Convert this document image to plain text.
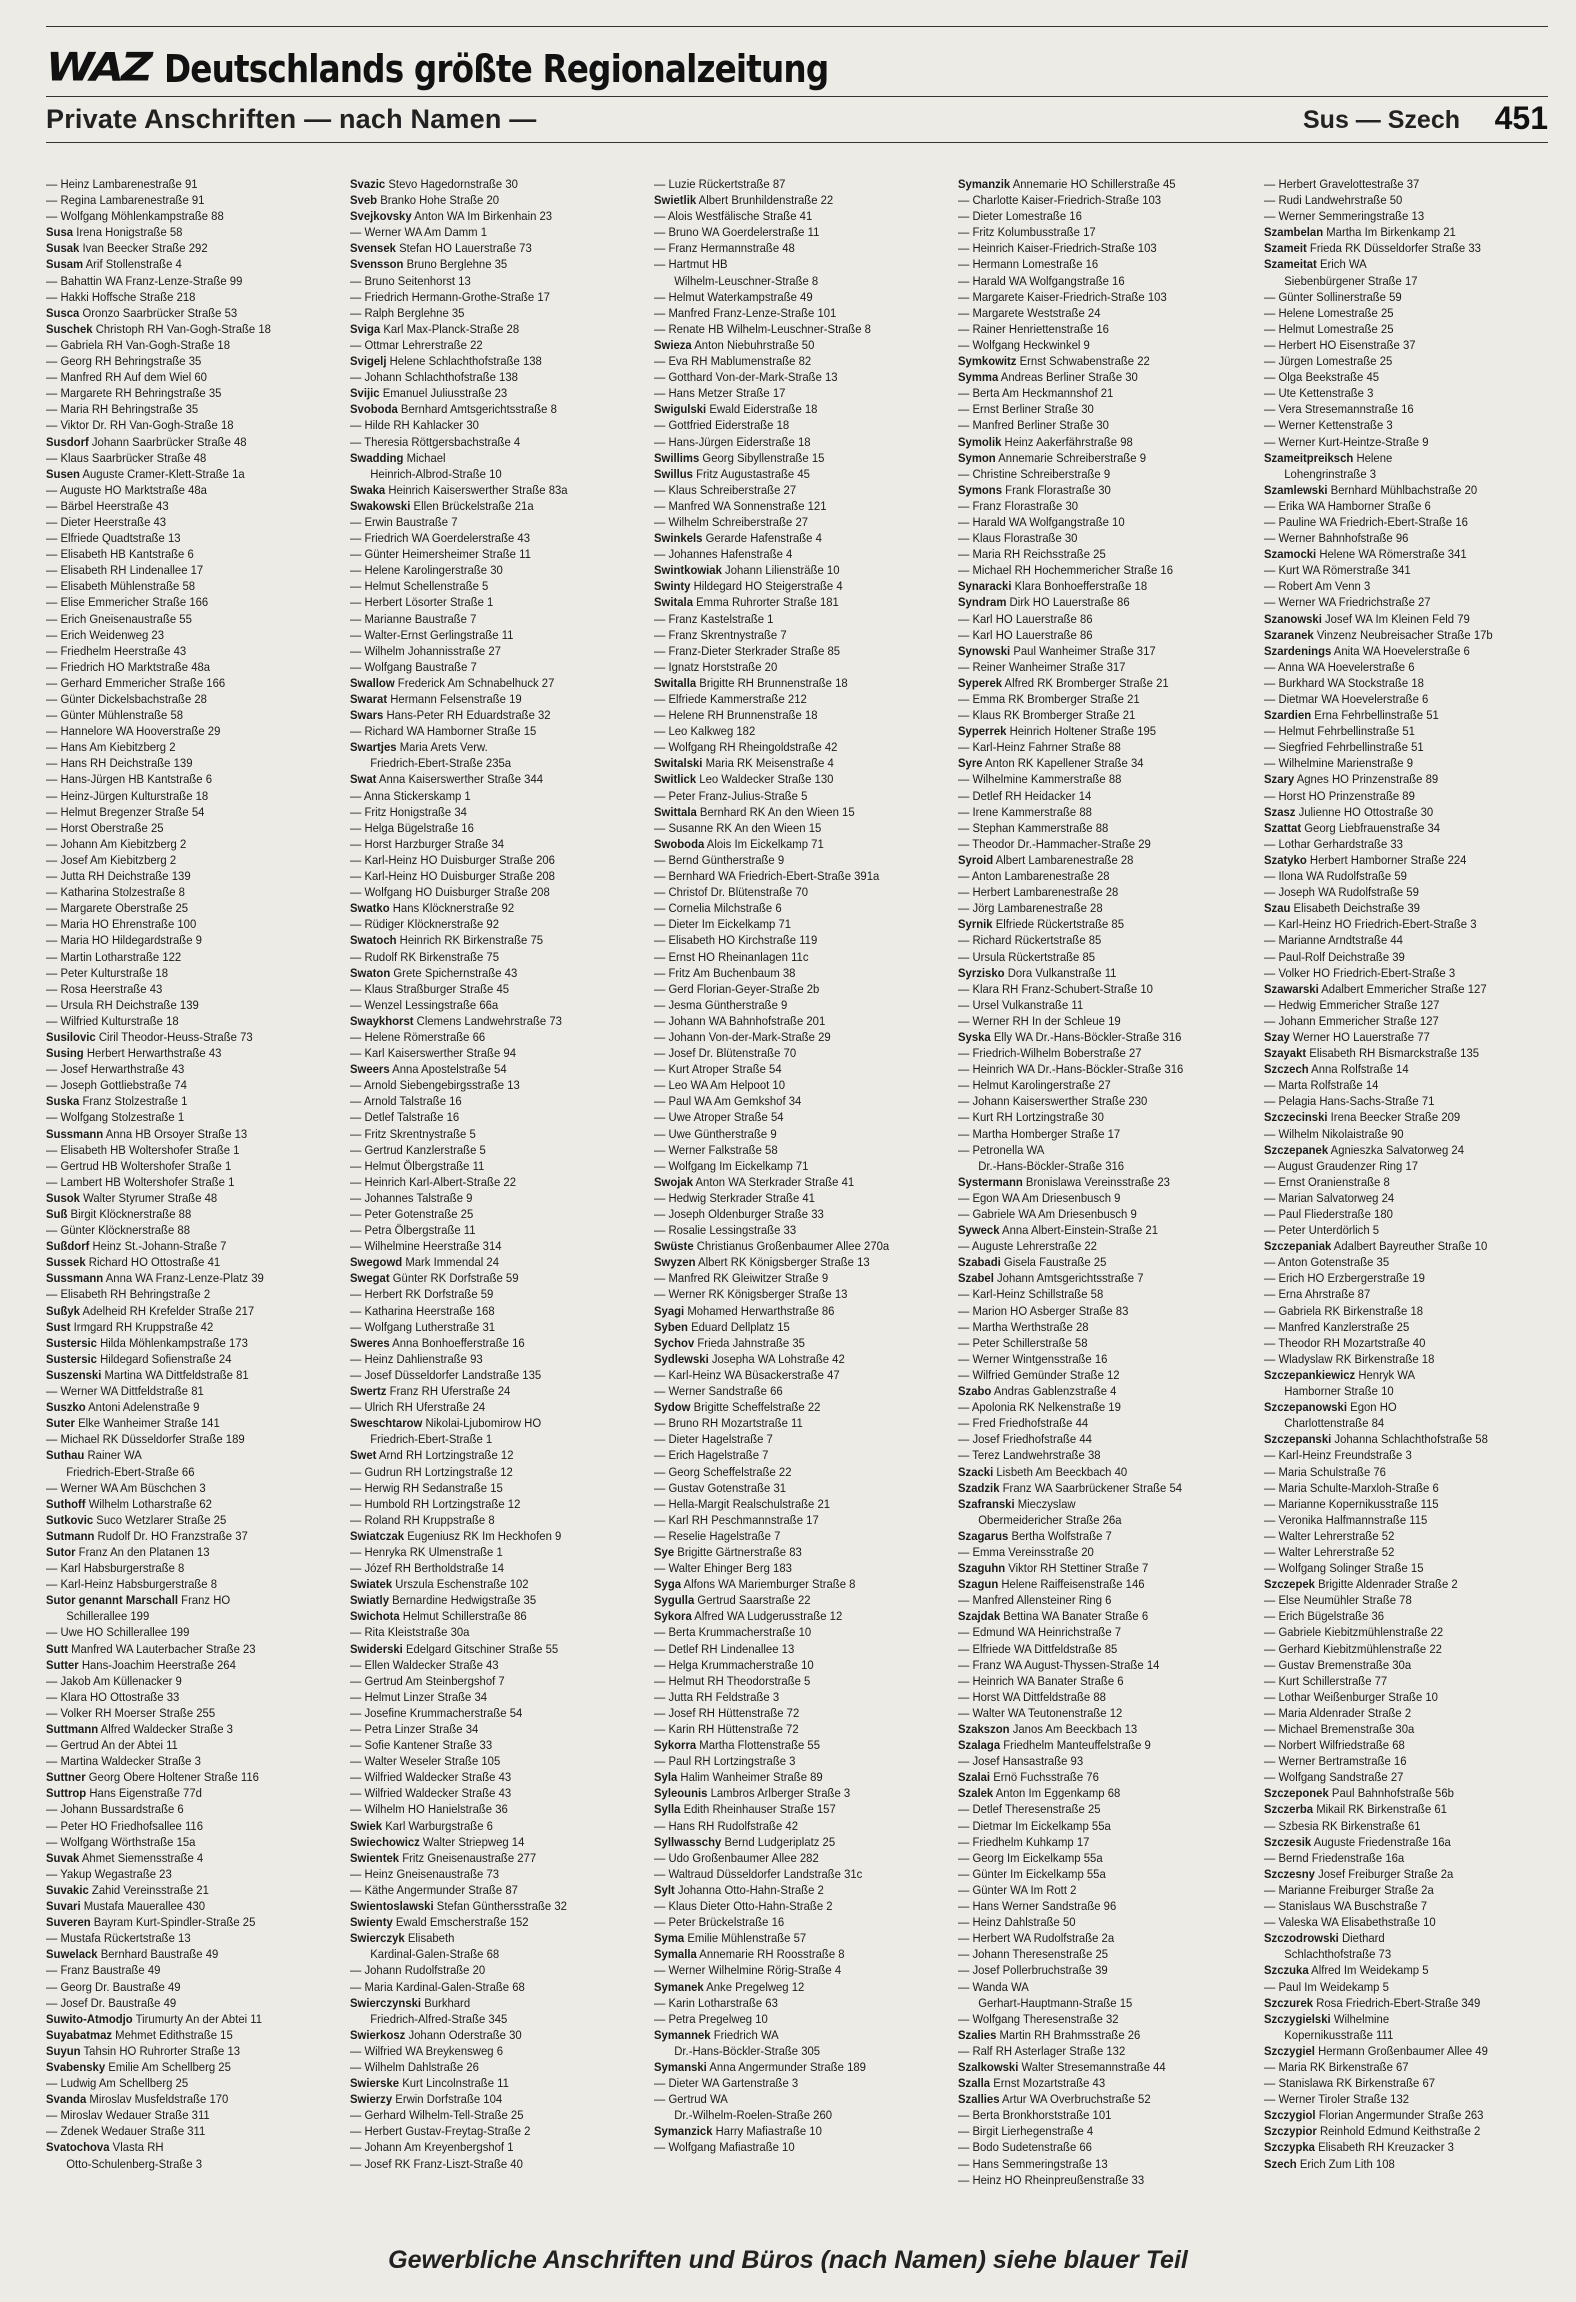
WAZ Deutschlands größte Regionalzeitung
Private Anschriften — nach Namen —	Sus — Szech 451
— Heinz Lambarenestraße 91
— Regina Lambarenestraße 91
— Wolfgang Möhlenkampstraße 88
Susa Irena Honigstraße 58
Susak Ivan Beecker Straße 292
Susam Arif Stollenstraße 4
— Bahattin WA Franz-Lenze-Straße 99
— Hakki Hoffsche Straße 218
Susca Oronzo Saarbrücker Straße 53
Suschek Christoph RH Van-Gogh-Straße 18
— Gabriela RH Van-Gogh-Straße 18
— Georg RH Behringstraße 35
— Manfred RH Auf dem Wiel 60
— Margarete RH Behringstraße 35
— Maria RH Behringstraße 35
— Viktor Dr. RH Van-Gogh-Straße 18
Susdorf Johann Saarbrücker Straße 48
— Klaus Saarbrücker Straße 48
Susen Auguste Cramer-Klett-Straße 1a
— Auguste HO Marktstraße 48a
— Bärbel Heerstraße 43
— Dieter Heerstraße 43
— Elfriede Quadtstraße 13
— Elisabeth HB Kantstraße 6
— Elisabeth RH Lindenallee 17
— Elisabeth Mühlenstraße 58
— Elise Emmericher Straße 166
— Erich Gneisenaustraße 55
— Erich Weidenweg 23
— Friedhelm Heerstraße 43
— Friedrich HO Marktstraße 48a
— Gerhard Emmericher Straße 166
— Günter Dickelsbachstraße 28
— Günter Mühlenstraße 58
— Hannelore WA Hooverstraße 29
— Hans Am Kiebitzberg 2
— Hans RH Deichstraße 139
— Hans-Jürgen HB Kantstraße 6
— Heinz-Jürgen Kulturstraße 18
— Helmut Bregenzer Straße 54
— Horst Oberstraße 25
— Johann Am Kiebitzberg 2
— Josef Am Kiebitzberg 2
— Jutta RH Deichstraße 139
— Katharina Stolzestraße 8
— Margarete Oberstraße 25
— Maria HO Ehrenstraße 100
— Maria HO Hildegardstraße 9
— Martin Lotharstraße 122
— Peter Kulturstraße 18
— Rosa Heerstraße 43
— Ursula RH Deichstraße 139
— Wilfried Kulturstraße 18
Susilovic Ciril Theodor-Heuss-Straße 73
Susing Herbert Herwarthstraße 43
— Josef Herwarthstraße 43
— Joseph Gottliebstraße 74
Suska Franz Stolzestraße 1
— Wolfgang Stolzestraße 1
Sussmann Anna HB Orsoyer Straße 13
— Elisabeth HB Woltershofer Straße 1
— Gertrud HB Woltershofer Straße 1
— Lambert HB Woltershofer Straße 1
Susok Walter Styrumer Straße 48
Suß Birgit Klöcknerstraße 88
— Günter Klöcknerstraße 88
Sußdorf Heinz St.-Johann-Straße 7
Sussek Richard HO Ottostraße 41
Sussmann Anna WA Franz-Lenze-Platz 39
— Elisabeth RH Behringstraße 2
Sußyk Adelheid RH Krefelder Straße 217
Sust Irmgard RH Kruppstraße 42
Sustersic Hilda Möhlenkampstraße 173
Sustersic Hildegard Sofienstraße 24
Suszenski Martina WA Dittfeldstraße 81
— Werner WA Dittfeldstraße 81
Suszko Antoni Adelenstraße 9
Suter Elke Wanheimer Straße 141
— Michael RK Düsseldorfer Straße 189
Suthau Rainer WA
Friedrich-Ebert-Straße 66
— Werner WA Am Büschchen 3
Suthoff Wilhelm Lotharstraße 62
Sutkovic Suco Wetzlarer Straße 25
Sutmann Rudolf Dr. HO Franzstraße 37
Sutor Franz An den Platanen 13
— Karl Habsburgerstraße 8
— Karl-Heinz Habsburgerstraße 8
Sutor genannt Marschall Franz HO
Schillerallee 199
— Uwe HO Schillerallee 199
Sutt Manfred WA Lauterbacher Straße 23
Sutter Hans-Joachim Heerstraße 264
— Jakob Am Küllenacker 9
— Klara HO Ottostraße 33
— Volker RH Moerser Straße 255
Suttmann Alfred Waldecker Straße 3
— Gertrud An der Abtei 11
— Martina Waldecker Straße 3
Suttner Georg Obere Holtener Straße 116
Suttrop Hans Eigenstraße 77d
— Johann Bussardstraße 6
— Peter HO Friedhofsallee 116
— Wolfgang Wörthstraße 15a
Suvak Ahmet Siemensstraße 4
— Yakup Wegastraße 23
Suvakic Zahid Vereinsstraße 21
Suvari Mustafa Mauerallee 430
Suveren Bayram Kurt-Spindler-Straße 25
— Mustafa Rückertstraße 13
Suwelack Bernhard Baustraße 49
— Franz Baustraße 49
— Georg Dr. Baustraße 49
— Josef Dr. Baustraße 49
Suwito-Atmodjo Tirumurty An der Abtei 11
Suyabatmaz Mehmet Edithstraße 15
Suyun Tahsin HO Ruhrorter Straße 13
Svabensky Emilie Am Schellberg 25
— Ludwig Am Schellberg 25
Svanda Miroslav Musfeldstraße 170
— Miroslav Wedauer Straße 311
— Zdenek Wedauer Straße 311
Svatochova Vlasta RH
Otto-Schulenberg-Straße 3
Svazic Stevo Hagedornstraße 30
Sveb Branko Hohe Straße 20
Svejkovsky Anton WA Im Birkenhain 23
— Werner WA Am Damm 1
Svensek Stefan HO Lauerstraße 73
Svensson Bruno Berglehne 35
— Bruno Seitenhorst 13
— Friedrich Hermann-Grothe-Straße 17
— Ralph Berglehne 35
Sviga Karl Max-Planck-Straße 28
— Ottmar Lehrerstraße 22
Svigelj Helene Schlachthofstraße 138
— Johann Schlachthofstraße 138
Svijic Emanuel Juliusstraße 23
Svoboda Bernhard Amtsgerichtsstraße 8
— Hilde RH Kahlacker 30
— Theresia Röttgersbachstraße 4
Swadding Michael
Heinrich-Albrod-Straße 10
Swaka Heinrich Kaiserswerther Straße 83a
Swakowski Ellen Brückelstraße 21a
— Erwin Baustraße 7
— Friedrich WA Goerdelerstraße 43
— Günter Heimersheimer Straße 11
— Helene Karolingerstraße 30
— Helmut Schellenstraße 5
— Herbert Lösorter Straße 1
— Marianne Baustraße 7
— Walter-Ernst Gerlingstraße 11
— Wilhelm Johannisstraße 27
— Wolfgang Baustraße 7
Swallow Frederick Am Schnabelhuck 27
Swarat Hermann Felsenstraße 19
Swars Hans-Peter RH Eduardstraße 32
— Richard WA Hamborner Straße 15
Swartjes Maria Arets Verw.
Friedrich-Ebert-Straße 235a
Swat Anna Kaiserswerther Straße 344
— Anna Stickerskamp 1
— Fritz Honigstraße 34
— Helga Bügelstraße 16
— Horst Harzburger Straße 34
— Karl-Heinz HO Duisburger Straße 206
— Karl-Heinz HO Duisburger Straße 208
— Wolfgang HO Duisburger Straße 208
Swatko Hans Klöcknerstraße 92
— Rüdiger Klöcknerstraße 92
Swatoch Heinrich RK Birkenstraße 75
— Rudolf RK Birkenstraße 75
Swaton Grete Spichernstraße 43
— Klaus Straßburger Straße 45
— Wenzel Lessingstraße 66a
Swaykhorst Clemens Landwehrstraße 73
— Helene Römerstraße 66
— Karl Kaiserswerther Straße 94
Sweers Anna Apostelstraße 54
— Arnold Siebengebirgsstraße 13
— Arnold Talstraße 16
— Detlef Talstraße 16
— Fritz Skrentnystraße 5
— Gertrud Kanzlerstraße 5
— Helmut Ölbergstraße 11
— Heinrich Karl-Albert-Straße 22
— Johannes Talstraße 9
— Peter Gotenstraße 25
— Petra Ölbergstraße 11
— Wilhelmine Heerstraße 314
Swegowd Mark Immendal 24
Swegat Günter RK Dorfstraße 59
— Herbert RK Dorfstraße 59
— Katharina Heerstraße 168
— Wolfgang Lutherstraße 31
Sweres Anna Bonhoefferstraße 16
— Heinz Dahlienstraße 93
— Josef Düsseldorfer Landstraße 135
Swertz Franz RH Uferstraße 24
— Ulrich RH Uferstraße 24
Sweschtarow Nikolai-Ljubomirow HO
Friedrich-Ebert-Straße 1
Swet Arnd RH Lortzingstraße 12
— Gudrun RH Lortzingstraße 12
— Herwig RH Sedanstraße 15
— Humbold RH Lortzingstraße 12
— Roland RH Kruppstraße 8
Swiatczak Eugeniusz RK Im Heckhofen 9
— Henryka RK Ulmenstraße 1
— Józef RH Bertholdstraße 14
Swiatek Urszula Eschenstraße 102
Swiatly Bernardine Hedwigstraße 35
Swichota Helmut Schillerstraße 86
— Rita Kleiststraße 30a
Swiderski Edelgard Gitschiner Straße 55
— Ellen Waldecker Straße 43
— Gertrud Am Steinbergshof 7
— Helmut Linzer Straße 34
— Josefine Krummacherstraße 54
— Petra Linzer Straße 34
— Sofie Kantener Straße 33
— Walter Weseler Straße 105
— Wilfried Waldecker Straße 43
— Wilfried Waldecker Straße 43
— Wilhelm HO Hanielstraße 36
Swiek Karl Warburgstraße 6
Swiechowicz Walter Striepweg 14
Swientek Fritz Gneisenaustraße 277
— Heinz Gneisenaustraße 73
— Käthe Angermunder Straße 87
Swientoslawski Stefan Günthersstraße 32
Swienty Ewald Emscherstraße 152
Swierczyk Elisabeth
Kardinal-Galen-Straße 68
— Johann Rudolfstraße 20
— Maria Kardinal-Galen-Straße 68
Swierczynski Burkhard
Friedrich-Alfred-Straße 345
Swierkosz Johann Oderstraße 30
— Wilfried WA Breykensweg 6
— Wilhelm Dahlstraße 26
Swierske Kurt Lincolnstraße 11
Swierzy Erwin Dorfstraße 104
— Gerhard Wilhelm-Tell-Straße 25
— Herbert Gustav-Freytag-Straße 2
— Johann Am Kreyenbergshof 1
— Josef RK Franz-Liszt-Straße 40
— Luzie Rückertstraße 87
Swietlik Albert Brunhildenstraße 22
— Alois Westfälische Straße 41
— Bruno WA Goerdelerstraße 11
— Franz Hermannstraße 48
— Hartmut HB
Wilhelm-Leuschner-Straße 8
— Helmut Waterkampstraße 49
— Manfred Franz-Lenze-Straße 101
— Renate HB Wilhelm-Leuschner-Straße 8
Swieza Anton Niebuhrstraße 50
— Eva RH Mablumenstraße 82
— Gotthard Von-der-Mark-Straße 13
— Hans Metzer Straße 17
Swigulski Ewald Eiderstraße 18
— Gottfried Eiderstraße 18
— Hans-Jürgen Eiderstraße 18
Swillims Georg Sibyllenstraße 15
Swillus Fritz Augustastraße 45
— Klaus Schreiberstraße 27
— Manfred WA Sonnenstraße 121
— Wilhelm Schreiberstraße 27
Swinkels Gerarde Hafenstraße 4
— Johannes Hafenstraße 4
Swintkowiak Johann Liliensträße 10
Swinty Hildegard HO Steigerstraße 4
Switala Emma Ruhrorter Straße 181
— Franz Kastelstraße 1
— Franz Skrentnystraße 7
— Franz-Dieter Sterkrader Straße 85
— Ignatz Horststraße 20
Switalla Brigitte RH Brunnenstraße 18
— Elfriede Kammerstraße 212
— Helene RH Brunnenstraße 18
— Leo Kalkweg 182
— Wolfgang RH Rheingoldstraße 42
Switalski Maria RK Meisenstraße 4
Switlick Leo Waldecker Straße 130
— Peter Franz-Julius-Straße 5
Swittala Bernhard RK An den Wieen 15
— Susanne RK An den Wieen 15
Swoboda Alois Im Eickelkamp 71
— Bernd Güntherstraße 9
— Bernhard WA Friedrich-Ebert-Straße 391a
— Christof Dr. Blütenstraße 70
— Cornelia Milchstraße 6
— Dieter Im Eickelkamp 71
— Elisabeth HO Kirchstraße 119
— Ernst HO Rheinanlagen 11c
— Fritz Am Buchenbaum 38
— Gerd Florian-Geyer-Straße 2b
— Jesma Güntherstraße 9
— Johann WA Bahnhofstraße 201
— Johann Von-der-Mark-Straße 29
— Josef Dr. Blütenstraße 70
— Kurt Atroper Straße 54
— Leo WA Am Helpoot 10
— Paul WA Am Gemkshof 34
— Uwe Atroper Straße 54
— Uwe Güntherstraße 9
— Werner Falkstraße 58
— Wolfgang Im Eickelkamp 71
Swojak Anton WA Sterkrader Straße 41
— Hedwig Sterkrader Straße 41
— Joseph Oldenburger Straße 33
— Rosalie Lessingstraße 33
Swüste Christianus Großenbaumer Allee 270a
Swyzen Albert RK Königsberger Straße 13
— Manfred RK Gleiwitzer Straße 9
— Werner RK Königsberger Straße 13
Syagi Mohamed Herwarthstraße 86
Syben Eduard Dellplatz 15
Sychov Frieda Jahnstraße 35
Sydlewski Josepha WA Lohstraße 42
— Karl-Heinz WA Büsackerstraße 47
— Werner Sandstraße 66
Sydow Brigitte Scheffelstraße 22
— Bruno RH Mozartstraße 11
— Dieter Hagelstraße 7
— Erich Hagelstraße 7
— Georg Scheffelstraße 22
— Gustav Gotenstraße 31
— Hella-Margit Realschulstraße 21
— Karl RH Peschmannstraße 17
— Reselie Hagelstraße 7
Sye Brigitte Gärtnerstraße 83
— Walter Ehinger Berg 183
Syga Alfons WA Mariemburger Straße 8
Sygulla Gertrud Saarstraße 22
Sykora Alfred WA Ludgerusstraße 12
— Berta Krummacherstraße 10
— Detlef RH Lindenallee 13
— Helga Krummacherstraße 10
— Helmut RH Theodorstraße 5
— Jutta RH Feldstraße 3
— Josef RH Hüttenstraße 72
— Karin RH Hüttenstraße 72
Sykorra Martha Flottenstraße 55
— Paul RH Lortzingstraße 3
Syla Halim Wanheimer Straße 89
Syleounis Lambros Arlberger Straße 3
Sylla Edith Rheinhauser Straße 157
— Hans RH Rudolfstraße 42
Syllwasschy Bernd Ludgeriplatz 25
— Udo Großenbaumer Allee 282
— Waltraud Düsseldorfer Landstraße 31c
Sylt Johanna Otto-Hahn-Straße 2
— Klaus Dieter Otto-Hahn-Straße 2
— Peter Brückelstraße 16
Syma Emilie Mühlenstraße 57
Symalla Annemarie RH Roosstraße 8
— Werner Wilhelmine Rörig-Straße 4
Symanek Anke Pregelweg 12
— Karin Lotharstraße 63
— Petra Pregelweg 10
Symannek Friedrich WA
Dr.-Hans-Böckler-Straße 305
Symanski Anna Angermunder Straße 189
— Dieter WA Gartenstraße 3
— Gertrud WA
Dr.-Wilhelm-Roelen-Straße 260
Symanzick Harry Mafiastraße 10
— Wolfgang Mafiastraße 10
Symanzik Annemarie HO Schillerstraße 45
— Charlotte Kaiser-Friedrich-Straße 103
— Dieter Lomestraße 16
— Fritz Kolumbusstraße 17
— Heinrich Kaiser-Friedrich-Straße 103
— Hermann Lomestraße 16
— Harald WA Wolfgangstraße 16
— Margarete Kaiser-Friedrich-Straße 103
— Margarete Weststraße 24
— Rainer Henriettenstraße 16
— Wolfgang Heckwinkel 9
Symkowitz Ernst Schwabenstraße 22
Symma Andreas Berliner Straße 30
— Berta Am Heckmannshof 21
— Ernst Berliner Straße 30
— Manfred Berliner Straße 30
Symolik Heinz Aakerfährstraße 98
Symon Annemarie Schreiberstraße 9
— Christine Schreiberstraße 9
Symons Frank Florastraße 30
— Franz Florastraße 30
— Harald WA Wolfgangstraße 10
— Klaus Florastraße 30
— Maria RH Reichsstraße 25
— Michael RH Hochemmericher Straße 16
Synaracki Klara Bonhoefferstraße 18
Syndram Dirk HO Lauerstraße 86
— Karl HO Lauerstraße 86
— Karl HO Lauerstraße 86
Synowski Paul Wanheimer Straße 317
— Reiner Wanheimer Straße 317
Syperek Alfred RK Bromberger Straße 21
— Emma RK Bromberger Straße 21
— Klaus RK Bromberger Straße 21
Syperrek Heinrich Holtener Straße 195
— Karl-Heinz Fahrner Straße 88
Syre Anton RK Kapellener Straße 34
— Wilhelmine Kammerstraße 88
— Detlef RH Heidacker 14
— Irene Kammerstraße 88
— Stephan Kammerstraße 88
— Theodor Dr.-Hammacher-Straße 29
Syroid Albert Lambarenestraße 28
— Anton Lambarenestraße 28
— Herbert Lambarenestraße 28
— Jörg Lambarenestraße 28
Syrnik Elfriede Rückertstraße 85
— Richard Rückertstraße 85
— Ursula Rückertstraße 85
Syrzisko Dora Vulkanstraße 11
— Klara RH Franz-Schubert-Straße 10
— Ursel Vulkanstraße 11
— Werner RH In der Schleue 19
Syska Elly WA Dr.-Hans-Böckler-Straße 316
— Friedrich-Wilhelm Boberstraße 27
— Heinrich WA Dr.-Hans-Böckler-Straße 316
— Helmut Karolingerstraße 27
— Johann Kaiserswerther Straße 230
— Kurt RH Lortzingstraße 30
— Martha Homberger Straße 17
— Petronella WA
Dr.-Hans-Böckler-Straße 316
Systermann Bronislawa Vereinsstraße 23
— Egon WA Am Driesenbusch 9
— Gabriele WA Am Driesenbusch 9
Syweck Anna Albert-Einstein-Straße 21
— Auguste Lehrerstraße 22
Szabadi Gisela Faustraße 25
Szabel Johann Amtsgerichtsstraße 7
— Karl-Heinz Schillstraße 58
— Marion HO Asberger Straße 83
— Martha Werthstraße 28
— Peter Schillerstraße 58
— Werner Wintgensstraße 16
— Wilfried Gemünder Straße 12
Szabo Andras Gablenzstraße 4
— Apolonia RK Nelkenstraße 19
— Fred Friedhofstraße 44
— Josef Friedhofstraße 44
— Terez Landwehrstraße 38
Szacki Lisbeth Am Beeckbach 40
Szadzik Franz WA Saarbrückener Straße 54
Szafranski Mieczyslaw
Obermeidericher Straße 26a
Szagarus Bertha Wolfstraße 7
— Emma Vereinsstraße 20
Szaguhn Viktor RH Stettiner Straße 7
Szagun Helene Raiffeisenstraße 146
— Manfred Allensteiner Ring 6
Szajdak Bettina WA Banater Straße 6
— Edmund WA Heinrichstraße 7
— Elfriede WA Dittfeldstraße 85
— Franz WA August-Thyssen-Straße 14
— Heinrich WA Banater Straße 6
— Horst WA Dittfeldstraße 88
— Walter WA Teutonenstraße 12
Szakszon Janos Am Beeckbach 13
Szalaga Friedhelm Manteuffelstraße 9
— Josef Hansastraße 93
Szalai Ernö Fuchsstraße 76
Szalek Anton Im Eggenkamp 68
— Detlef Theresenstraße 25
— Dietmar Im Eickelkamp 55a
— Friedhelm Kuhkamp 17
— Georg Im Eickelkamp 55a
— Günter Im Eickelkamp 55a
— Günter WA Im Rott 2
— Hans Werner Sandstraße 96
— Heinz Dahlstraße 50
— Herbert WA Rudolfstraße 2a
— Johann Theresenstraße 25
— Josef Pollerbruchstraße 39
— Wanda WA
Gerhart-Hauptmann-Straße 15
— Wolfgang Theresenstraße 32
Szalies Martin RH Brahmsstraße 26
— Ralf RH Asterlager Straße 132
Szalkowski Walter Stresemannstraße 44
Szalla Ernst Mozartstraße 43
Szallies Artur WA Overbruchstraße 52
— Berta Bronkhorststraße 101
— Birgit Lierhegenstraße 4
— Bodo Sudetenstraße 66
— Hans Semmeringstraße 13
— Heinz HO Rheinpreußenstraße 33
— Herbert Gravelottestraße 37
— Rudi Landwehrstraße 50
— Werner Semmeringstraße 13
Szambelan Martha Im Birkenkamp 21
Szameit Frieda RK Düsseldorfer Straße 33
Szameitat Erich WA
Siebenbürgener Straße 17
— Günter Sollinerstraße 59
— Helene Lomestraße 25
— Helmut Lomestraße 25
— Herbert HO Eisenstraße 37
— Jürgen Lomestraße 25
— Olga Beekstraße 45
— Ute Kettenstraße 3
— Vera Stresemannstraße 16
— Werner Kettenstraße 3
— Werner Kurt-Heintze-Straße 9
Szameitpreiksch Helene
Lohengrinstraße 3
Szamlewski Bernhard Mühlbachstraße 20
— Erika WA Hamborner Straße 6
— Pauline WA Friedrich-Ebert-Straße 16
— Werner Bahnhofstraße 96
Szamocki Helene WA Römerstraße 341
— Kurt WA Römerstraße 341
— Robert Am Venn 3
— Werner WA Friedrichstraße 27
Szanowski Josef WA Im Kleinen Feld 79
Szaranek Vinzenz Neubreisacher Straße 17b
Szardenings Anita WA Hoevelerstraße 6
— Anna WA Hoevelerstraße 6
— Burkhard WA Stockstraße 18
— Dietmar WA Hoevelerstraße 6
Szardien Erna Fehrbellinstraße 51
— Helmut Fehrbellinstraße 51
— Siegfried Fehrbellinstraße 51
— Wilhelmine Marienstraße 9
Szary Agnes HO Prinzenstraße 89
— Horst HO Prinzenstraße 89
Szasz Julienne HO Ottostraße 30
Szattat Georg Liebfrauenstraße 34
— Lothar Gerhardstraße 33
Szatyko Herbert Hamborner Straße 224
— Ilona WA Rudolfstraße 59
— Joseph WA Rudolfstraße 59
Szau Elisabeth Deichstraße 39
— Karl-Heinz HO Friedrich-Ebert-Straße 3
— Marianne Arndtstraße 44
— Paul-Rolf Deichstraße 39
— Volker HO Friedrich-Ebert-Straße 3
Szawarski Adalbert Emmericher Straße 127
— Hedwig Emmericher Straße 127
— Johann Emmericher Straße 127
Szay Werner HO Lauerstraße 77
Szayakt Elisabeth RH Bismarckstraße 135
Szczech Anna Rolfstraße 14
— Marta Rolfstraße 14
— Pelagia Hans-Sachs-Straße 71
Szczecinski Irena Beecker Straße 209
— Wilhelm Nikolaistraße 90
Szczepanek Agnieszka Salvatorweg 24
— August Graudenzer Ring 17
— Ernst Oranienstraße 8
— Marian Salvatorweg 24
— Paul Fliederstraße 180
— Peter Unterdörlich 5
Szczepaniak Adalbert Bayreuther Straße 10
— Anton Gotenstraße 35
— Erich HO Erzbergerstraße 19
— Erna Ahrstraße 87
— Gabriela RK Birkenstraße 18
— Manfred Kanzlerstraße 25
— Theodor RH Mozartstraße 40
— Wladyslaw RK Birkenstraße 18
Szczepankiewicz Henryk WA
Hamborner Straße 10
Szczepanowski Egon HO
Charlottenstraße 84
Szczepanski Johanna Schlachthofstraße 58
— Karl-Heinz Freundstraße 3
— Maria Schulstraße 76
— Maria Schulte-Marxloh-Straße 6
— Marianne Kopernikusstraße 115
— Veronika Halfmannstraße 115
— Walter Lehrerstraße 52
— Walter Lehrerstraße 52
— Wolfgang Solinger Straße 15
Szczepek Brigitte Aldenrader Straße 2
— Else Neumühler Straße 78
— Erich Bügelstraße 36
— Gabriele Kiebitzmühlenstraße 22
— Gerhard Kiebitzmühlenstraße 22
— Gustav Bremenstraße 30a
— Kurt Schillerstraße 77
— Lothar Weißenburger Straße 10
— Maria Aldenrader Straße 2
— Michael Bremenstraße 30a
— Norbert Wilfriedstraße 68
— Werner Bertramstraße 16
— Wolfgang Sandstraße 27
Szczeponek Paul Bahnhofstraße 56b
Szczerba Mikail RK Birkenstraße 61
— Szbesia RK Birkenstraße 61
Szczesik Auguste Friedenstraße 16a
— Bernd Friedenstraße 16a
Szczesny Josef Freiburger Straße 2a
— Marianne Freiburger Straße 2a
— Stanislaus WA Buschstraße 7
— Valeska WA Elisabethstraße 10
Szczodrowski Diethard
Schlachthofstraße 73
Szczuka Alfred Im Weidekamp 5
— Paul Im Weidekamp 5
Szczurek Rosa Friedrich-Ebert-Straße 349
Szczygielski Wilhelmine
Kopernikusstraße 111
Szczygiel Hermann Großenbaumer Allee 49
— Maria RK Birkenstraße 67
— Stanislawa RK Birkenstraße 67
— Werner Tiroler Straße 132
Szczygiol Florian Angermunder Straße 263
Szczypior Reinhold Edmund Keithstraße 2
Szczypka Elisabeth RH Kreuzacker 3
Szech Erich Zum Lith 108
Gewerbliche Anschriften und Büros (nach Namen) siehe blauer Teil
